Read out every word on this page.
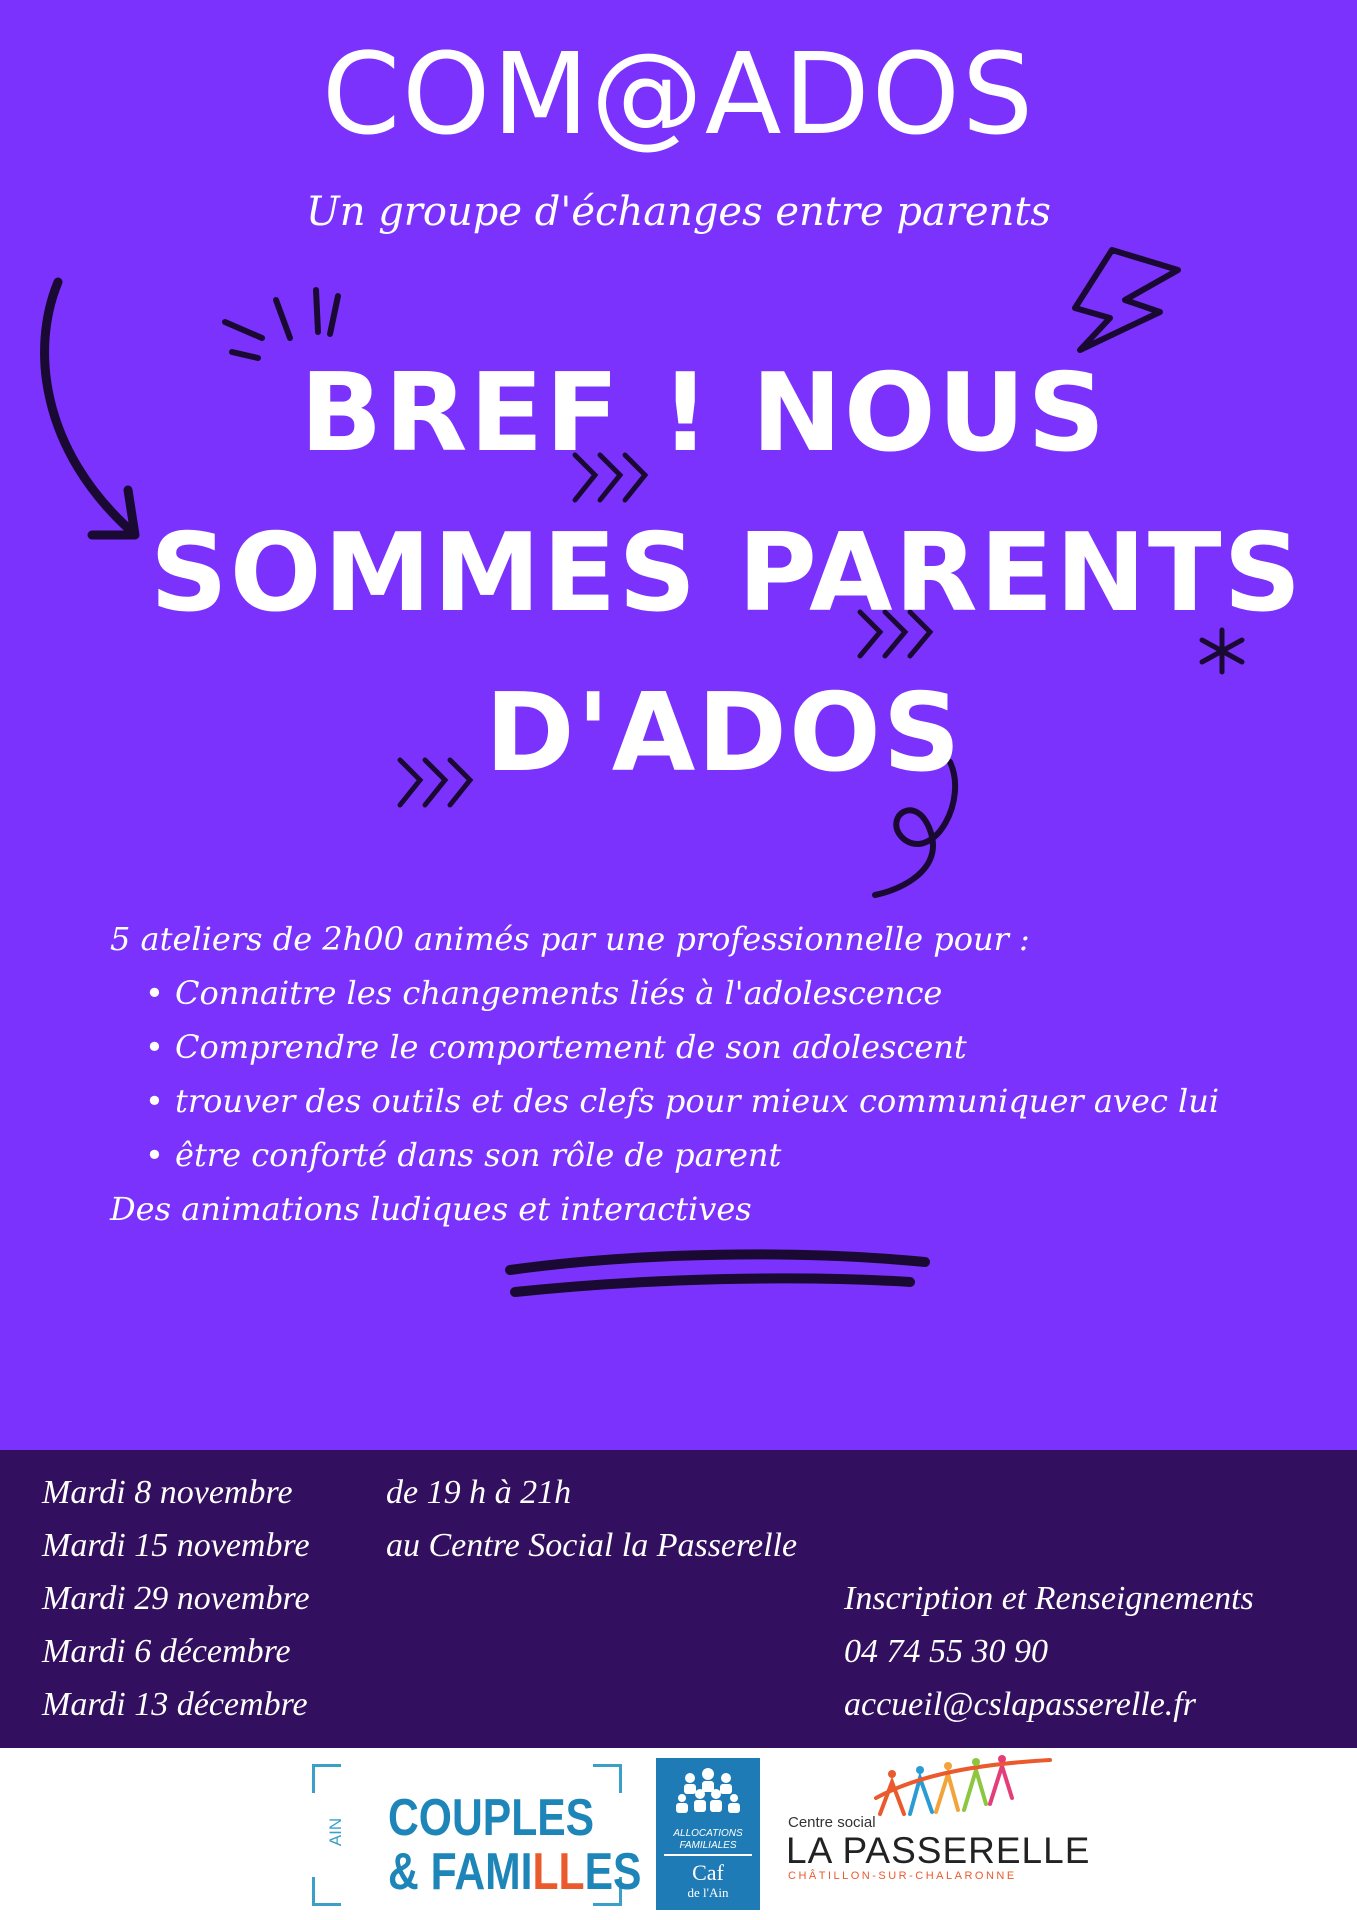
COM@ADOS
Un groupe d'échanges entre parents
BREF ! NOUS
SOMMES PARENTS
D'ADOS

5 ateliers de 2h00 animés par une professionnelle pour :

• Connaitre les changements liés à l'adolescence
• Comprendre le comportement de son adolescent
• trouver des outils et des clefs pour mieux communiquer avec lui
• être conforté dans son rôle de parent

Des animations ludiques et interactives

Mardi 8 novembre
Mardi 15 novembre
Mardi 29 novembre
Mardi 6 décembre
Mardi 13 décembre
de 19 h à 21h
au Centre Social la Passerelle
Inscription et Renseignements
04 74 55 30 90
accueil@cslapasserelle.fr
AIN COUPLES
& FAMILLES
ALLOCATIONS
FAMILIALES
Caf
de l'Ain
Centre social
LA PASSERELLE
CHÂTILLON-SUR-CHALARONNE
